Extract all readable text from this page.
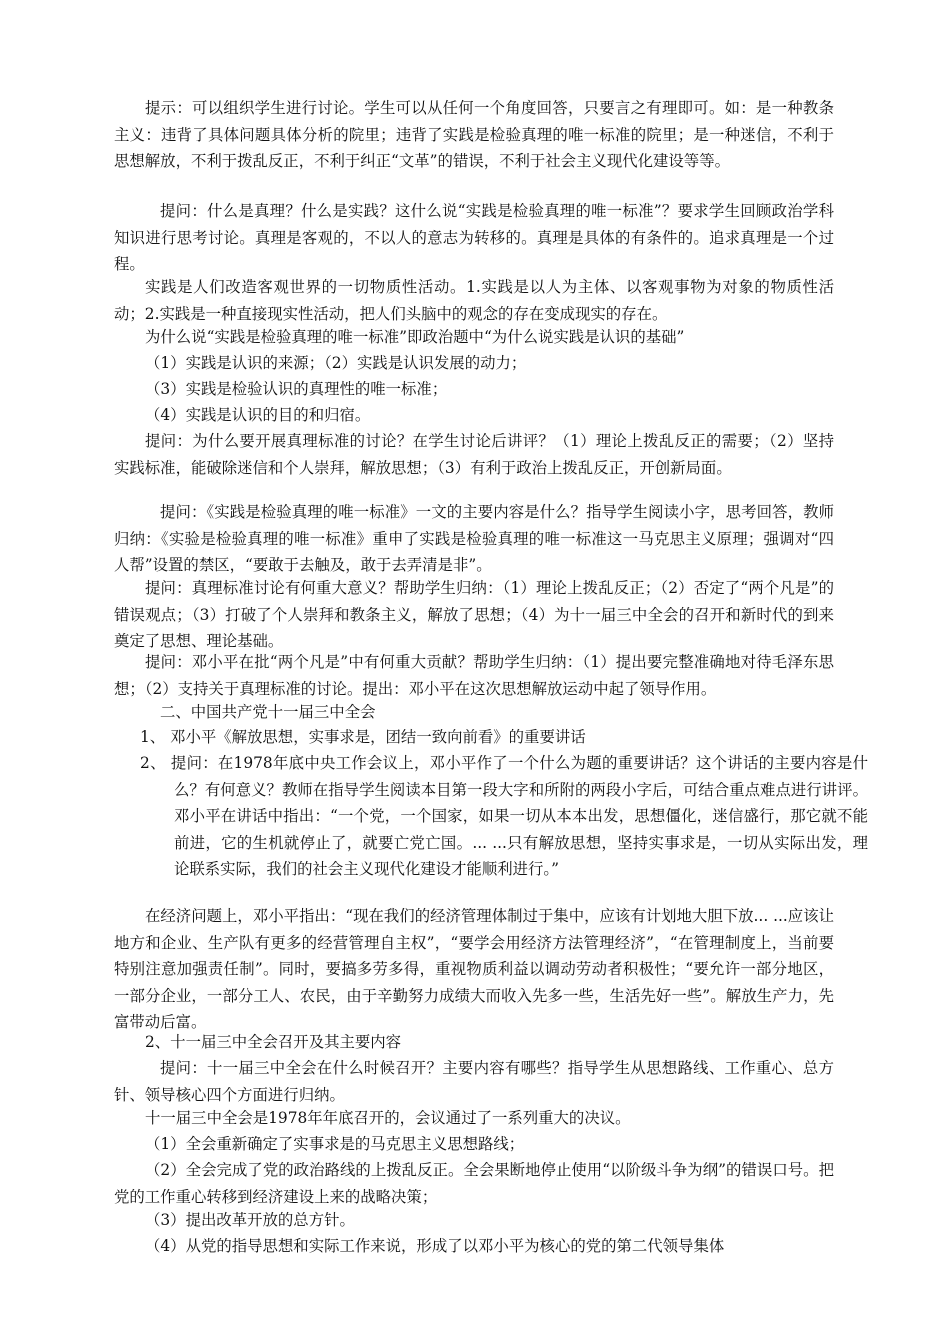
提示：可以组织学生进行讨论。学生可以从任何一个角度回答，只要言之有理即可。如：是一种教条主义：违背了具体问题具体分析的院里；违背了实践是检验真理的唯一标准的院里；是一种迷信，不利于思想解放，不利于拨乱反正，不利于纠正“文革”的错误，不利于社会主义现代化建设等等。

提问：什么是真理？什么是实践？这什么说“实践是检验真理的唯一标准”？要求学生回顾政治学科知识进行思考讨论。真理是客观的，不以人的意志为转移的。真理是具体的有条件的。追求真理是一个过程。

实践是人们改造客观世界的一切物质性活动。1.实践是以人为主体、以客观事物为对象的物质性活动；2.实践是一种直接现实性活动，把人们头脑中的观念的存在变成现实的存在。

为什么说“实践是检验真理的唯一标准”即政治题中“为什么说实践是认识的基础”

（1）实践是认识的来源；（2）实践是认识发展的动力；

（3）实践是检验认识的真理性的唯一标准；

（4）实践是认识的目的和归宿。

提问：为什么要开展真理标准的讨论？在学生讨论后讲评？（1）理论上拨乱反正的需要；（2）坚持实践标准，能破除迷信和个人崇拜，解放思想；（3）有利于政治上拨乱反正，开创新局面。

提问：《实践是检验真理的唯一标准》一文的主要内容是什么？指导学生阅读小字，思考回答，教师归纳：《实验是检验真理的唯一标准》重申了实践是检验真理的唯一标准这一马克思主义原理；强调对“四人帮”设置的禁区，“要敢于去触及，敢于去弄清是非”。

提问：真理标准讨论有何重大意义？帮助学生归纳：（1）理论上拨乱反正；（2）否定了“两个凡是”的错误观点；（3）打破了个人崇拜和教条主义，解放了思想；（4）为十一届三中全会的召开和新时代的到来奠定了思想、理论基础。

提问：邓小平在批“两个凡是”中有何重大贡献？帮助学生归纳：（1）提出要完整准确地对待毛泽东思想；（2）支持关于真理标准的讨论。提出：邓小平在这次思想解放运动中起了领导作用。

二、中国共产党十一届三中全会

1、 邓小平《解放思想，实事求是，团结一致向前看》的重要讲话

2、 提问：在1978年底中央工作会议上，邓小平作了一个什么为题的重要讲话？这个讲话的主要内容是什么？有何意义？教师在指导学生阅读本目第一段大字和所附的两段小字后，可结合重点难点进行讲评。邓小平在讲话中指出：“一个党，一个国家，如果一切从本本出发，思想僵化，迷信盛行，那它就不能前进，它的生机就停止了，就要亡党亡国。... ...只有解放思想，坚持实事求是，一切从实际出发，理论联系实际，我们的社会主义现代化建设才能顺利进行。”

在经济问题上，邓小平指出：“现在我们的经济管理体制过于集中，应该有计划地大胆下放... ...应该让地方和企业、生产队有更多的经营管理自主权”，“要学会用经济方法管理经济”，“在管理制度上，当前要特别注意加强责任制”。同时，要搞多劳多得，重视物质利益以调动劳动者积极性；“要允许一部分地区，一部分企业，一部分工人、农民，由于辛勤努力成绩大而收入先多一些，生活先好一些”。解放生产力，先富带动后富。

2、十一届三中全会召开及其主要内容

提问：十一届三中全会在什么时候召开？主要内容有哪些？指导学生从思想路线、工作重心、总方针、领导核心四个方面进行归纳。

十一届三中全会是1978年年底召开的，会议通过了一系列重大的决议。

（1）全会重新确定了实事求是的马克思主义思想路线；

（2）全会完成了党的政治路线的上拨乱反正。全会果断地停止使用“以阶级斗争为纲”的错误口号。把党的工作重心转移到经济建设上来的战略决策；

（3）提出改革开放的总方针。

（4）从党的指导思想和实际工作来说，形成了以邓小平为核心的党的第二代领导集体
